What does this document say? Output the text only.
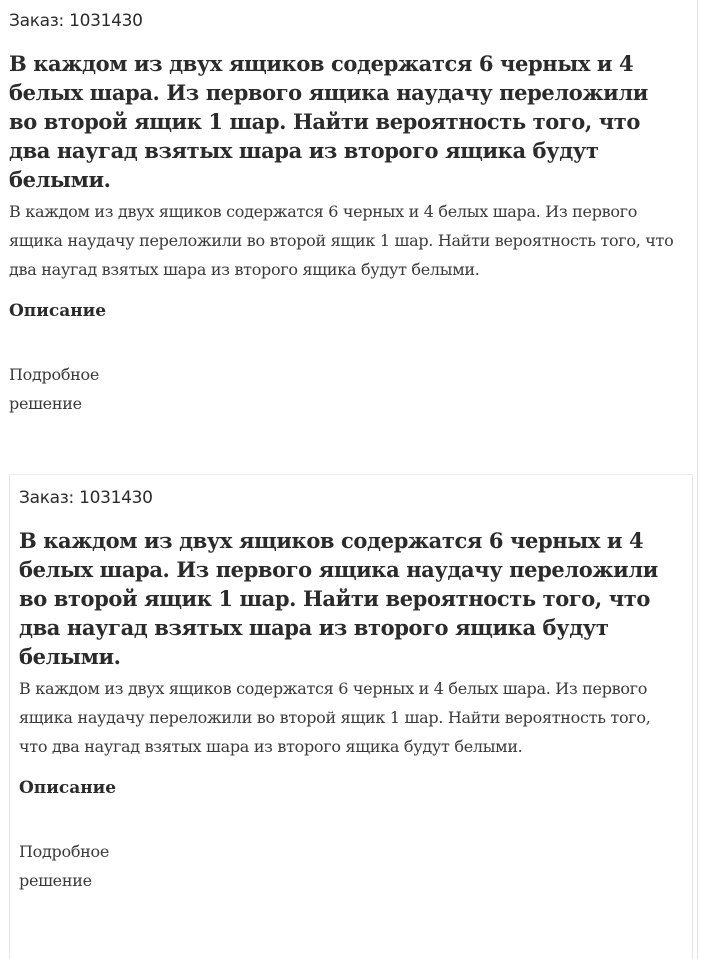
Заказ: 1031430

В каждом из двух ящиков содержатся 6 черных и 4 белых шара. Из первого ящика наудачу переложили во второй ящик 1 шар. Найти вероятность того, что два наугад взятых шара из второго ящика будут белыми.

В каждом из двух ящиков содержатся 6 черных и 4 белых шара. Из первого ящика наудачу переложили во второй ящик 1 шар. Найти вероятность того, что два наугад взятых шара из второго ящика будут белыми.

Описание
Подробное решение

Заказ: 1031430

В каждом из двух ящиков содержатся 6 черных и 4 белых шара. Из первого ящика наудачу переложили во второй ящик 1 шар. Найти вероятность того, что два наугад взятых шара из второго ящика будут белыми.

В каждом из двух ящиков содержатся 6 черных и 4 белых шара. Из первого ящика наудачу переложили во второй ящик 1 шар. Найти вероятность того, что два наугад взятых шара из второго ящика будут белыми.

Описание
Подробное решение
